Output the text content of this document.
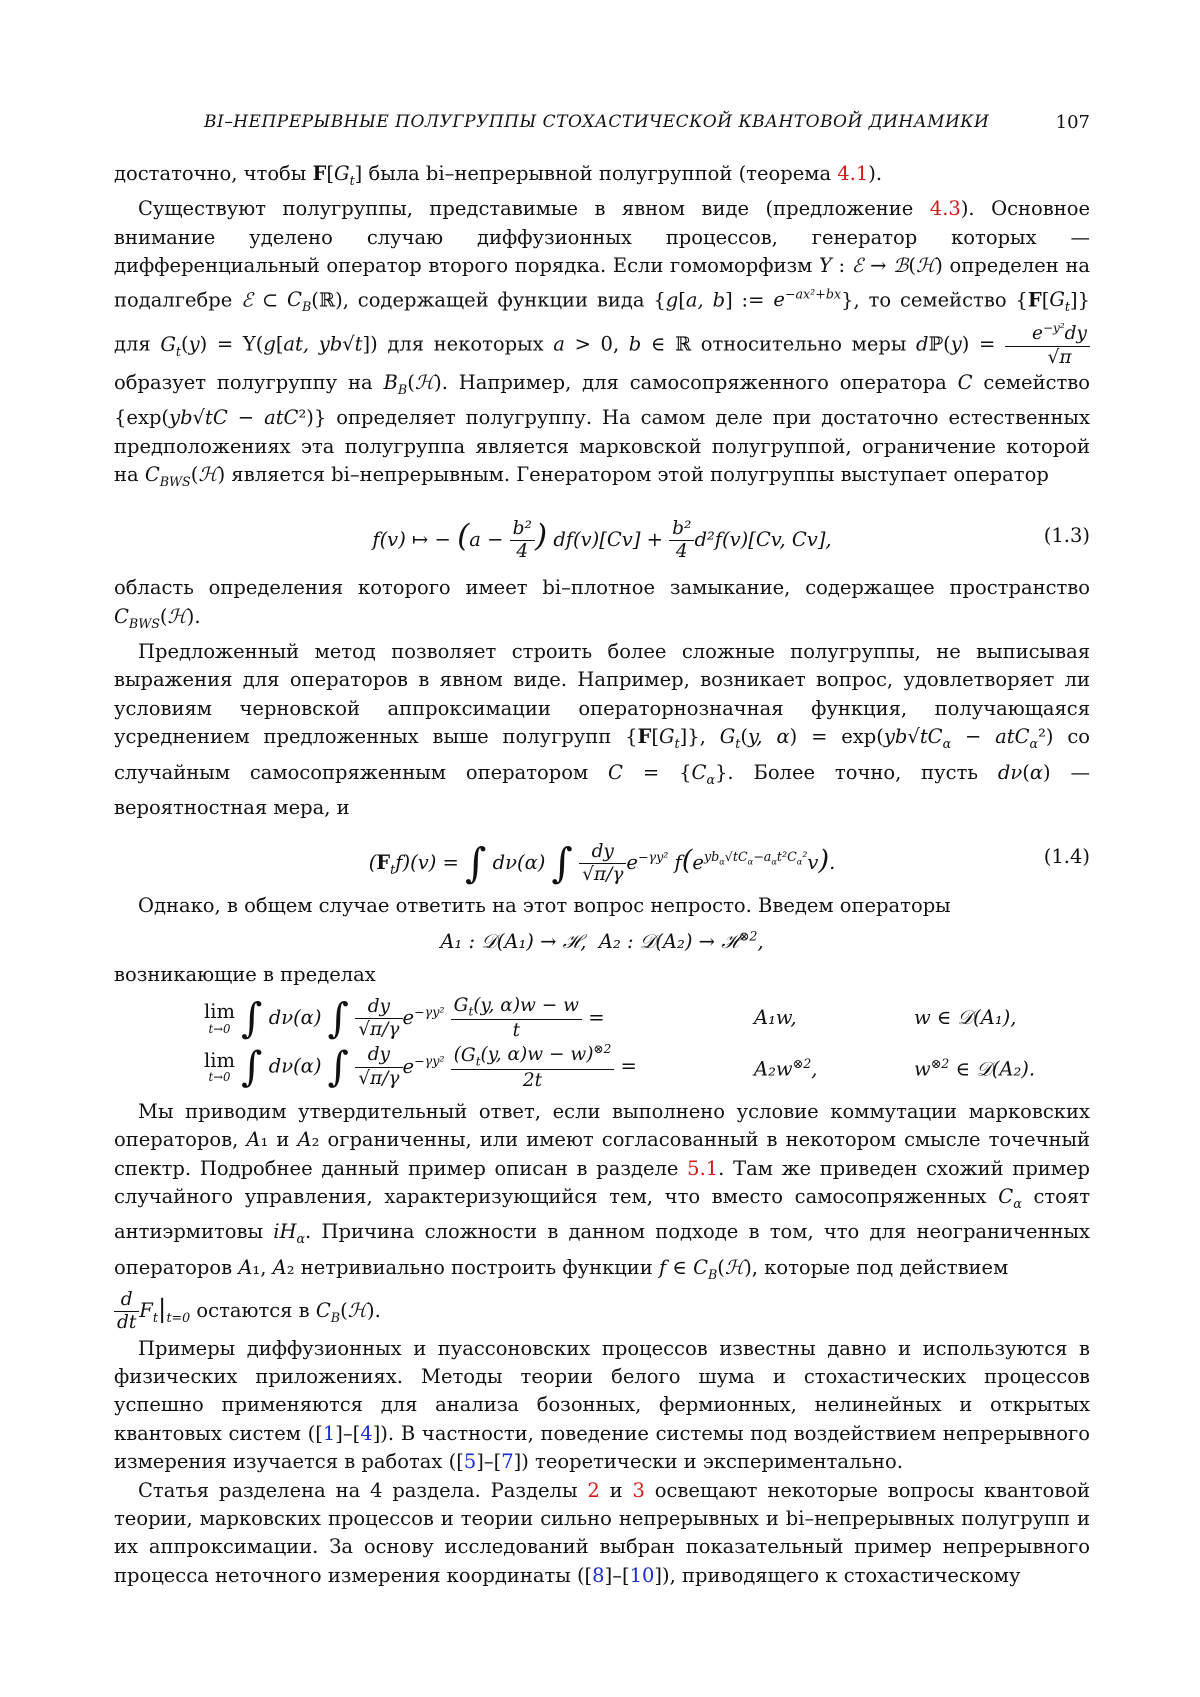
BI–НЕПРЕРЫВНЫЕ ПОЛУГРУППЫ СТОХАСТИЧЕСКОЙ КВАНТОВОЙ ДИНАМИКИ	107

достаточно, чтобы $F[G_t]$ была bi–непрерывной полугруппой (теорема 4.1).

Существуют полугруппы, представимые в явном виде (предложение 4.3). Основное внимание уделено случаю диффузионных процессов, генератор которых — дифференциальный оператор второго порядка. Если гомоморфизм Υ : ℰ → ℬ(ℋ) определен на подалгебре ℰ ⊂ $C_B(ℝ)$, содержащей функции вида {g[a, b] := $e^{-ax^2+bx}$}, то семейство $\{F[G_t]\}$ для $G_t(y) = \Upsilon(g[at$, yb√t]) для некоторых a > 0, b ∈ ℝ относительно меры dℙ(y) = $\frac{e^{-y^2}dy}{√\pi}$
образует полугруппу на $B_B(ℋ)$. Например, для самосопряженного оператора C семейство {exp(yb√tC − atC²)} определяет полугруппу. На самом деле при достаточно естественных предположениях эта полугруппа является марковской полугруппой, ограничение которой на $C_{BWS}(ℋ)$ является bi–непрерывным. Генератором этой полугруппы выступает оператор

f(v) ↦ − ($a - \frac{\text{b²}}{4}$ ) $df(v)[Cv] + \frac{\text{b²}}{4} d^2f(v)[Cv$, Cv],	(1.3)

область определения которого имеет bi–плотное замыкание, содержащее пространство $C_{BWS}(ℋ)$.

Предложенный метод позволяет строить более сложные полугруппы, не выписывая выражения для операторов в явном виде. Например, возникает вопрос, удовлетворяет ли условиям черновской аппроксимации операторнозначная функция, получающаяся усреднением предложенных выше полугрупп $\{F[G_t]\}$, $G_t(y$, $\alpha) = \exp(yb√tC_\alpha - atC_\alpha^2)$ со случайным самосопряженным оператором $C = \{C_\alpha\}$. Более точно, пусть dν(α) — вероятностная мера, и

$(F_tf)(v)$ = ∫ dν(α) ∫ $\frac{dy}{√\pi/\gamma} e^{-\gamma y^2}$ $f(e^{yb_\alpha√tC_\alpha-a_\alpha t^2C_\alpha^2}v)$.	(1.4)

Однако, в общем случае ответить на этот вопрос непросто. Введем операторы

A₁ : 𝒟(A₁) → ℋ,  A₂ : 𝒟(A₂) → ℋ$^{\otimes 2}$,

возникающие в пределах

lim
t→0 ∫ dν(α) ∫ $\frac{dy}{√\pi/\gamma} e^{-\gamma y^2} \frac{G_t(y, \alpha)w - w}{t}$ =	A₁w,	w ∈ 𝒟(A₁),
lim
t→0 ∫ dν(α) ∫ $\frac{dy}{√\pi/\gamma} e^{-\gamma y^2} \frac{(G_t(y, \alpha)w - w)^{\otimes 2}}{2t}$ =	$A_2w^{\otimes 2}$,	$w^{\otimes 2}$ ∈ 𝒟(A₂).

Мы приводим утвердительный ответ, если выполнено условие коммутации марковских операторов, A₁ и A₂ ограниченны, или имеют согласованный в некотором смысле точечный спектр. Подробнее данный пример описан в разделе 5.1. Там же приведен схожий пример случайного управления, характеризующийся тем, что вместо самосопряженных $C_\alpha$ стоят антиэрмитовы $iH_\alpha$. Причина сложности в данном подходе в том, что для неограниченных операторов A₁, A₂ нетривиально построить функции f ∈ $C_B(ℋ)$, которые под действием

$\frac{d}{dt} F_t|_{t=0}$ остаются в $C_B(ℋ)$.

Примеры диффузионных и пуассоновских процессов известны давно и используются в физических приложениях. Методы теории белого шума и стохастических процессов успешно применяются для анализа бозонных, фермионных, нелинейных и открытых квантовых систем ([1]–[4]). В частности, поведение системы под воздействием непрерывного измерения изучается в работах ([5]–[7]) теоретически и экспериментально.

Статья разделена на 4 раздела. Разделы 2 и 3 освещают некоторые вопросы квантовой теории, марковских процессов и теории сильно непрерывных и bi–непрерывных полугрупп и их аппроксимации. За основу исследований выбран показательный пример непрерывного процесса неточного измерения координаты ([8]–[10]), приводящего к стохастическому
